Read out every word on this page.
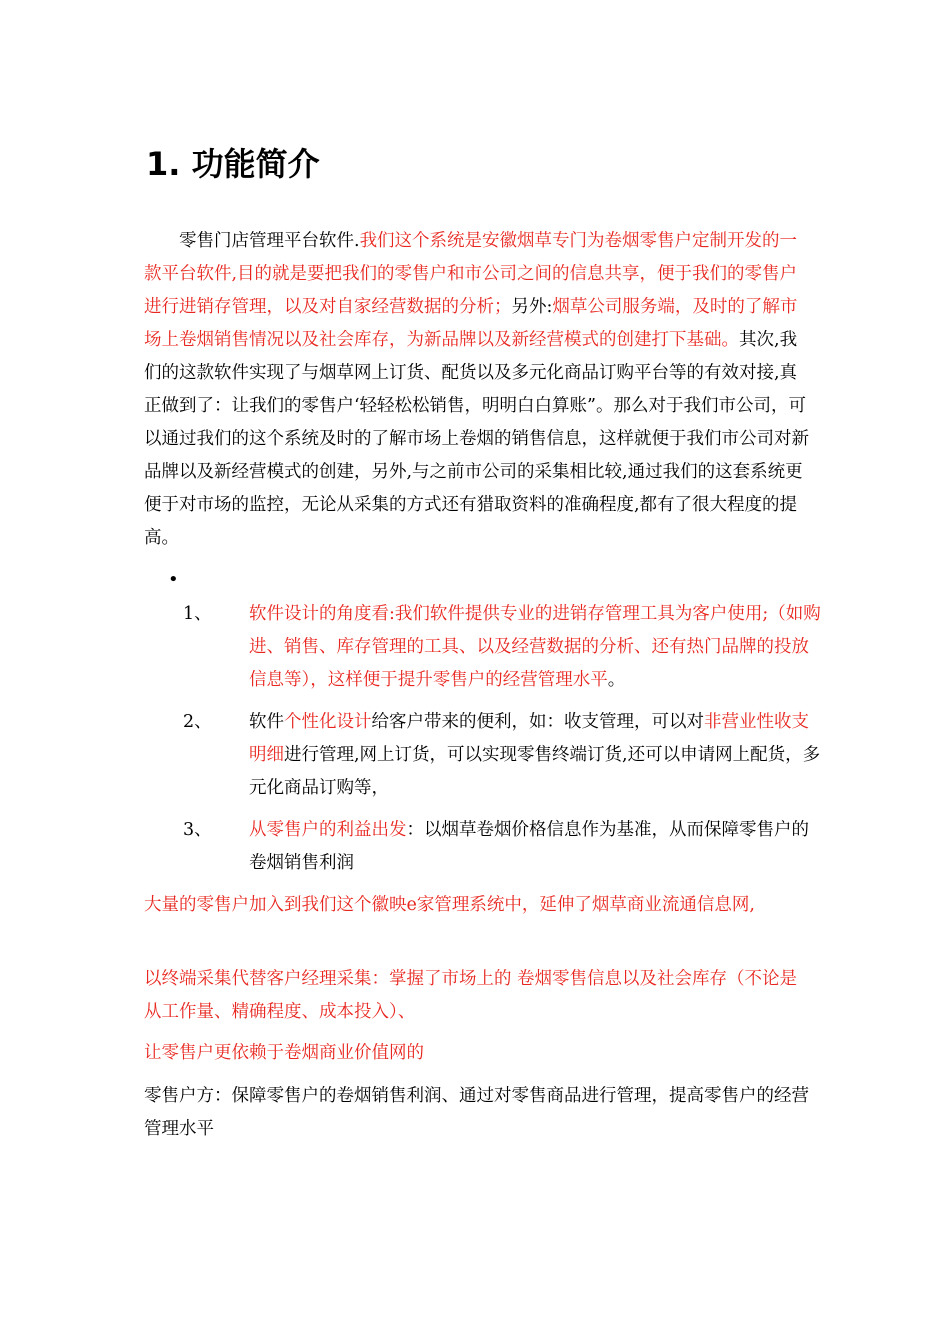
1. 功能简介

零售门店管理平台软件.我们这个系统是安徽烟草专门为卷烟零售户定制开发的一款平台软件,目的就是要把我们的零售户和市公司之间的信息共享，便于我们的零售户进行进销存管理，以及对自家经营数据的分析；另外:烟草公司服务端，及时的了解市场上卷烟销售情况以及社会库存，为新品牌以及新经营模式的创建打下基础。其次,我们的这款软件实现了与烟草网上订货、配货以及多元化商品订购平台等的有效对接,真正做到了：让我们的零售户‘轻轻松松销售，明明白白算账”。那么对于我们市公司，可以通过我们的这个系统及时的了解市场上卷烟的销售信息，这样就便于我们市公司对新品牌以及新经营模式的创建，另外,与之前市公司的采集相比较,通过我们的这套系统更便于对市场的监控，无论从采集的方式还有猎取资料的准确程度,都有了很大程度的提高。

•
1、 软件设计的角度看:我们软件提供专业的进销存管理工具为客户使用;（如购进、销售、库存管理的工具、以及经营数据的分析、还有热门品牌的投放信息等），这样便于提升零售户的经营管理水平。
2、 软件个性化设计给客户带来的便利，如：收支管理，可以对非营业性收支明细进行管理,网上订货，可以实现零售终端订货,还可以申请网上配货，多元化商品订购等，
3、 从零售户的利益出发：以烟草卷烟价格信息作为基准，从而保障零售户的卷烟销售利润

大量的零售户加入到我们这个徽映e家管理系统中，延伸了烟草商业流通信息网,

以终端采集代替客户经理采集：掌握了市场上的 卷烟零售信息以及社会库存（不论是从工作量、精确程度、成本投入）、

让零售户更依赖于卷烟商业价值网的

零售户方：保障零售户的卷烟销售利润、通过对零售商品进行管理，提高零售户的经营管理水平
